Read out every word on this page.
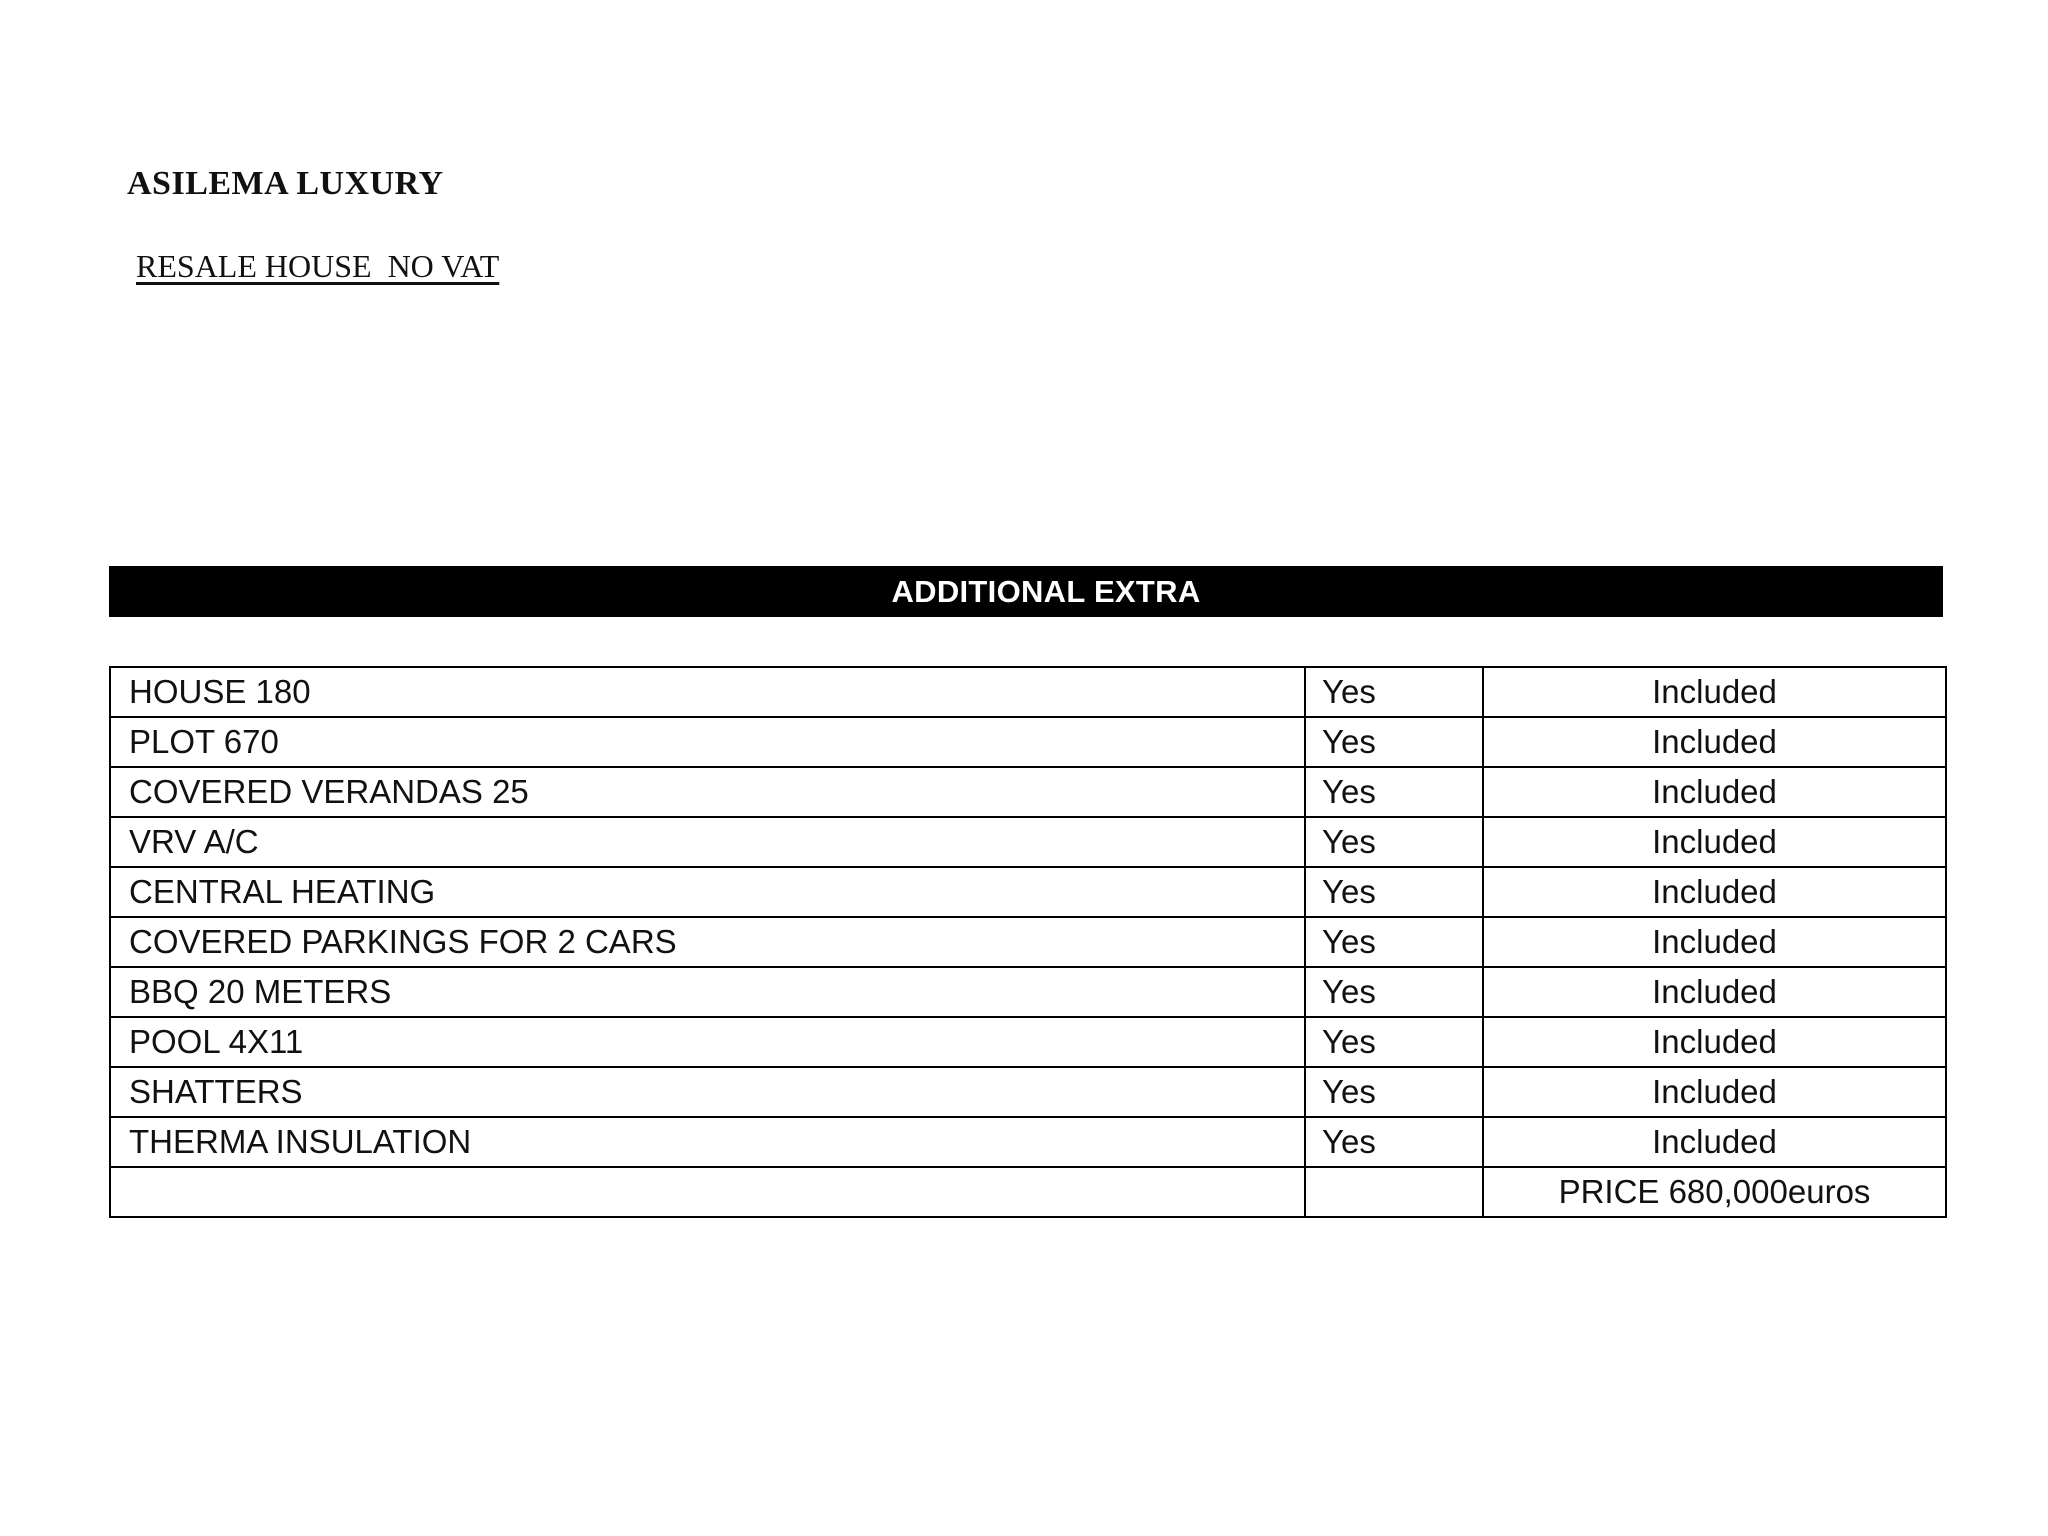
ASILEMA LUXURY

RESALE HOUSE  NO VAT

ADDITIONAL EXTRA
HOUSE 180	Yes	Included
PLOT 670	Yes	Included
COVERED VERANDAS 25	Yes	Included
VRV A/C	Yes	Included
CENTRAL HEATING	Yes	Included
COVERED PARKINGS FOR 2 CARS	Yes	Included
BBQ 20 METERS	Yes	Included
POOL 4X11	Yes	Included
SHATTERS	Yes	Included
THERMA INSULATION	Yes	Included
		PRICE 680,000euros
